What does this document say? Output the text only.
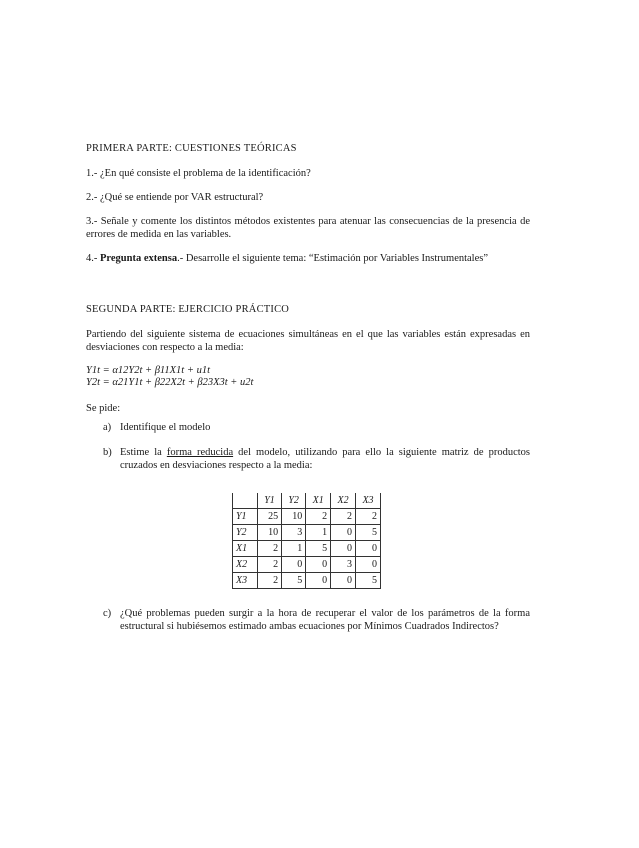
PRIMERA PARTE: CUESTIONES TEÓRICAS
1.- ¿En qué consiste el problema de la identificación?
2.- ¿Qué se entiende por VAR estructural?
3.- Señale y comente los distintos métodos existentes para atenuar las consecuencias de la presencia de errores de medida en las variables.
4.- Pregunta extensa.- Desarrolle el siguiente tema: “Estimación por Variables Instrumentales”
SEGUNDA PARTE: EJERCICIO PRÁCTICO
Partiendo del siguiente sistema de ecuaciones simultáneas en el que las variables están expresadas en desviaciones con respecto a la media:
Y1t = α12Y2t + β11X1t + u1t
Y2t = α21Y1t + β22X2t + β23X3t + u2t
Se pide:
a) Identifique el modelo
b) Estime la forma reducida del modelo, utilizando para ello la siguiente matriz de productos cruzados en desviaciones respecto a la media:
	Y1	Y2	X1	X2	X3
Y1	25	10	2	2	2
Y2	10	3	1	0	5
X1	2	1	5	0	0
X2	2	0	0	3	0
X3	2	5	0	0	5
c) ¿Qué problemas pueden surgir a la hora de recuperar el valor de los parámetros de la forma estructural si hubiésemos estimado ambas ecuaciones por Mínimos Cuadrados Indirectos?
